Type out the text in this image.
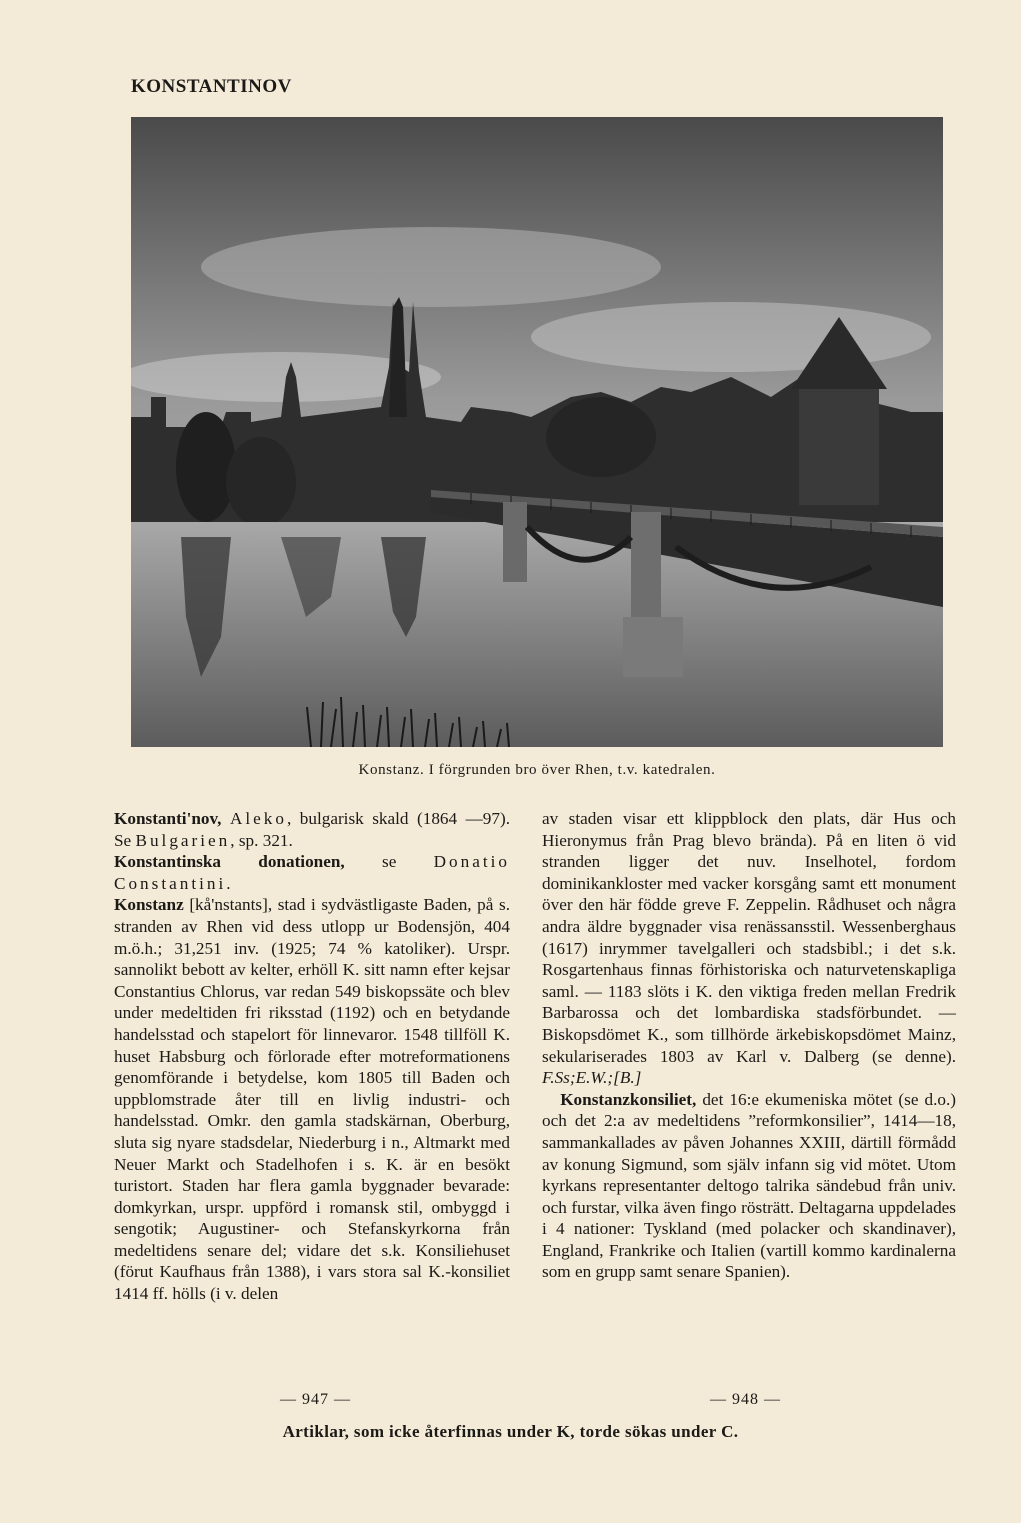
KONSTANTINOV
Konstanz. I förgrunden bro över Rhen, t.v. katedralen.

Konstanti'nov, Aleko, bulgarisk skald (1864 —97). Se Bulgarien, sp. 321.

Konstantinska donationen, se Donatio Constantini.

Konstanz [kå'nstants], stad i sydvästligaste Baden, på s. stranden av Rhen vid dess utlopp ur Bodensjön, 404 m.ö.h.; 31,251 inv. (1925; 74 % katoliker). Urspr. sannolikt bebott av kelter, erhöll K. sitt namn efter kejsar Constantius Chlorus, var redan 549 biskopssäte och blev under medeltiden fri riksstad (1192) och en betydande handelsstad och stapelort för linnevaror. 1548 tillföll K. huset Habsburg och förlorade efter motreformationens genomförande i betydelse, kom 1805 till Baden och uppblomstrade åter till en livlig industri- och handelsstad. Omkr. den gamla stadskärnan, Oberburg, sluta sig nyare stadsdelar, Niederburg i n., Altmarkt med Neuer Markt och Stadelhofen i s. K. är en besökt turistort. Staden har flera gamla byggnader bevarade: domkyrkan, urspr. uppförd i romansk stil, ombyggd i sengotik; Augustiner- och Stefanskyrkorna från medeltidens senare del; vidare det s.k. Konsiliehuset (förut Kaufhaus från 1388), i vars stora sal K.-konsiliet 1414 ff. hölls (i v. delen

av staden visar ett klippblock den plats, där Hus och Hieronymus från Prag blevo brända). På en liten ö vid stranden ligger det nuv. Inselhotel, fordom dominikankloster med vacker korsgång samt ett monument över den här födde greve F. Zeppelin. Rådhuset och några andra äldre byggnader visa renässansstil. Wessenberghaus (1617) inrymmer tavelgalleri och stadsbibl.; i det s.k. Rosgartenhaus finnas förhistoriska och naturvetenskapliga saml. — 1183 slöts i K. den viktiga freden mellan Fredrik Barbarossa och det lombardiska stadsförbundet. — Biskopsdömet K., som tillhörde ärkebiskopsdömet Mainz, sekulariserades 1803 av Karl v. Dalberg (se denne). F.Ss;E.W.;[B.]

Konstanzkonsiliet, det 16:e ekumeniska mötet (se d.o.) och det 2:a av medeltidens ”reformkonsilier”, 1414—18, sammankallades av påven Johannes XXIII, därtill förmådd av konung Sigmund, som själv infann sig vid mötet. Utom kyrkans representanter deltogo talrika sändebud från univ. och furstar, vilka även fingo rösträtt. Deltagarna uppdelades i 4 nationer: Tyskland (med polacker och skandinaver), England, Frankrike och Italien (vartill kommo kardinalerna som en grupp samt senare Spanien).

— 947 —	— 948 —
Artiklar, som icke återfinnas under K, torde sökas under C.
